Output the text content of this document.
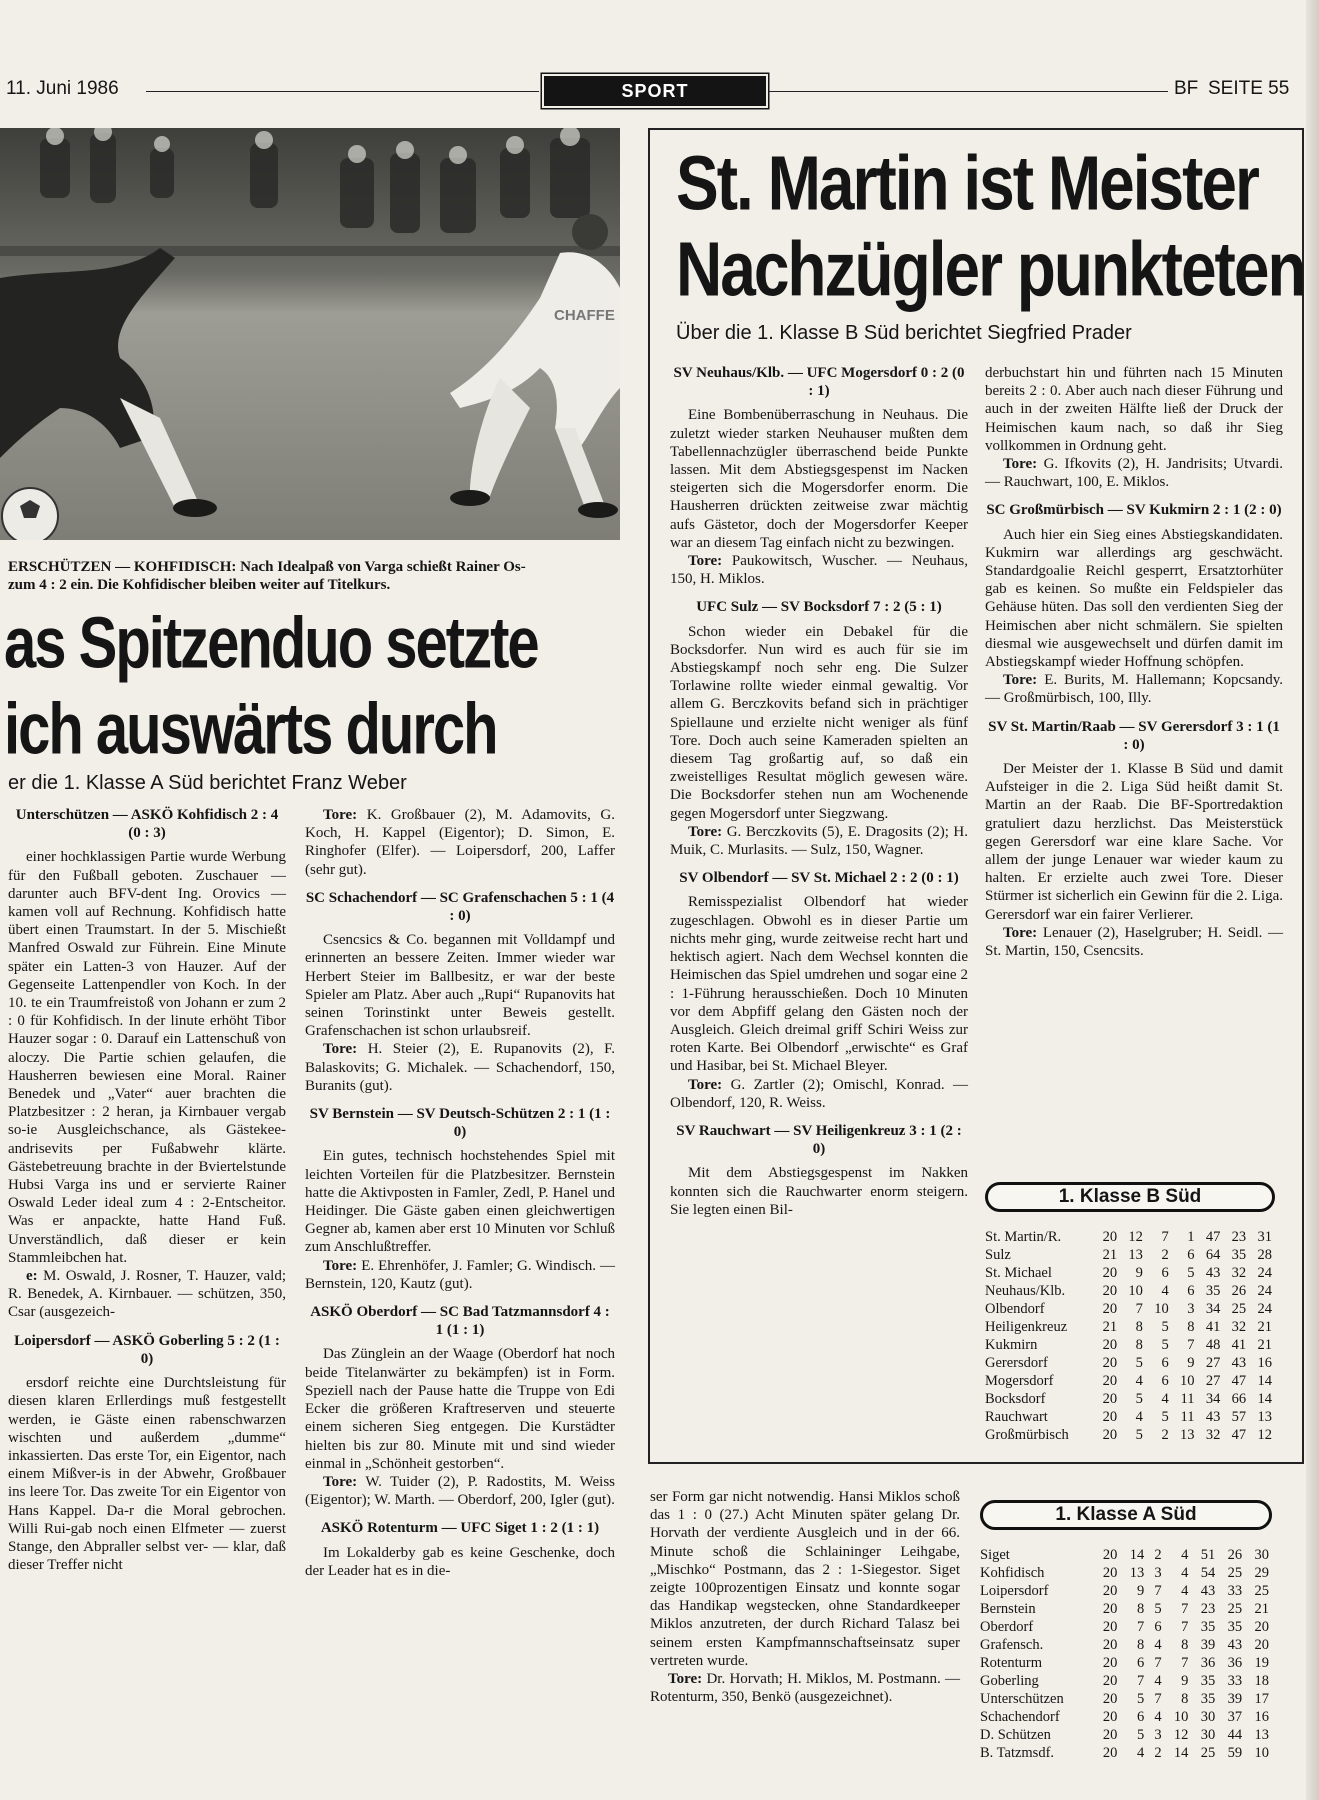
11. Juni 1986	SPORT	BF SEITE 55
CHAFFE
ERSCHÜTZEN — KOHFIDISCH: Nach Idealpaß von Varga schießt Rainer Os-
zum 4 : 2 ein. Die Kohfidischer bleiben weiter auf Titelkurs.
as Spitzenduo setzte
ich auswärts durch
er die 1. Klasse A Süd berichtet Franz Weber
Unterschützen — ASKÖ Kohfidisch 2 : 4 (0 : 3)

einer hochklassigen Partie wurde Werbung für den Fußball geboten. Zuschauer — darunter auch BFV-dent Ing. Orovics — kamen voll auf Rechnung. Kohfidisch hatte übert einen Traumstart. In der 5. Mischießt Manfred Oswald zur Führein. Eine Minute später ein Latten-3 von Hauzer. Auf der Gegenseite Lattenpendler von Koch. In der 10. te ein Traumfreistoß von Johann er zum 2 : 0 für Kohfidisch. In der linute erhöht Tibor Hauzer sogar : 0. Darauf ein Lattenschuß von aloczy. Die Partie schien gelaufen, die Hausherren bewiesen eine Moral. Rainer Benedek und „Vater“ auer brachten die Platzbesitzer : 2 heran, ja Kirnbauer vergab so-ie Ausgleichschance, als Gästekee-andrisevits per Fußabwehr klärte. Gästebetreuung brachte in der Bviertelstunde Hubsi Varga ins und er servierte Rainer Oswald Leder ideal zum 4 : 2-Entscheitor. Was er anpackte, hatte Hand Fuß. Unverständlich, daß dieser er kein Stammleibchen hat.

e: M. Oswald, J. Rosner, T. Hauzer, vald; R. Benedek, A. Kirnbauer. — schützen, 350, Csar (ausgezeich-

Loipersdorf — ASKÖ Goberling 5 : 2 (1 : 0)

ersdorf reichte eine Durchtsleistung für diesen klaren Erllerdings muß festgestellt werden, ie Gäste einen rabenschwarzen wischten und außerdem „dumme“ inkassierten. Das erste Tor, ein Eigentor, nach einem Mißver-is in der Abwehr, Großbauer ins leere Tor. Das zweite Tor ein Eigentor von Hans Kappel. Da-r die Moral gebrochen. Willi Rui-gab noch einen Elfmeter — zuerst Stange, den Abpraller selbst ver- — klar, daß dieser Treffer nicht

Tore: K. Großbauer (2), M. Adamovits, G. Koch, H. Kappel (Eigentor); D. Simon, E. Ringhofer (Elfer). — Loipersdorf, 200, Laffer (sehr gut).

SC Schachendorf — SC Grafenschachen 5 : 1 (4 : 0)

Csencsics & Co. begannen mit Volldampf und erinnerten an bessere Zeiten. Immer wieder war Herbert Steier im Ballbesitz, er war der beste Spieler am Platz. Aber auch „Rupi“ Rupanovits hat seinen Torinstinkt unter Beweis gestellt. Grafenschachen ist schon urlaubsreif.

Tore: H. Steier (2), E. Rupanovits (2), F. Balaskovits; G. Michalek. — Schachendorf, 150, Buranits (gut).

SV Bernstein — SV Deutsch-Schützen 2 : 1 (1 : 0)

Ein gutes, technisch hochstehendes Spiel mit leichten Vorteilen für die Platzbesitzer. Bernstein hatte die Aktivposten in Famler, Zedl, P. Hanel und Heidinger. Die Gäste gaben einen gleichwertigen Gegner ab, kamen aber erst 10 Minuten vor Schluß zum Anschlußtreffer.

Tore: E. Ehrenhöfer, J. Famler; G. Windisch. — Bernstein, 120, Kautz (gut).

ASKÖ Oberdorf — SC Bad Tatzmannsdorf 4 : 1 (1 : 1)

Das Zünglein an der Waage (Oberdorf hat noch beide Titelanwärter zu bekämpfen) ist in Form. Speziell nach der Pause hatte die Truppe von Edi Ecker die größeren Kraftreserven und steuerte einem sicheren Sieg entgegen. Die Kurstädter hielten bis zur 80. Minute mit und sind wieder einmal in „Schönheit gestorben“.

Tore: W. Tuider (2), P. Radostits, M. Weiss (Eigentor); W. Marth. — Oberdorf, 200, Igler (gut).

ASKÖ Rotenturm — UFC Siget 1 : 2 (1 : 1)

Im Lokalderby gab es keine Geschenke, doch der Leader hat es in die-

St. Martin ist Meister
Nachzügler punkteten
Über die 1. Klasse B Süd berichtet Siegfried Prader
SV Neuhaus/Klb. — UFC Mogersdorf 0 : 2 (0 : 1)

Eine Bombenüberraschung in Neuhaus. Die zuletzt wieder starken Neuhauser mußten dem Tabellennachzügler überraschend beide Punkte lassen. Mit dem Abstiegsgespenst im Nacken steigerten sich die Mogersdorfer enorm. Die Hausherren drückten zeitweise zwar mächtig aufs Gästetor, doch der Mogersdorfer Keeper war an diesem Tag einfach nicht zu bezwingen.

Tore: Paukowitsch, Wuscher. — Neuhaus, 150, H. Miklos.

UFC Sulz — SV Bocksdorf 7 : 2 (5 : 1)

Schon wieder ein Debakel für die Bocksdorfer. Nun wird es auch für sie im Abstiegskampf noch sehr eng. Die Sulzer Torlawine rollte wieder einmal gewaltig. Vor allem G. Berczkovits befand sich in prächtiger Spiellaune und erzielte nicht weniger als fünf Tore. Doch auch seine Kameraden spielten an diesem Tag großartig auf, so daß ein zweistelliges Resultat möglich gewesen wäre. Die Bocksdorfer stehen nun am Wochenende gegen Mogersdorf unter Siegzwang.

Tore: G. Berczkovits (5), E. Dragosits (2); H. Muik, C. Murlasits. — Sulz, 150, Wagner.

SV Olbendorf — SV St. Michael 2 : 2 (0 : 1)

Remisspezialist Olbendorf hat wieder zugeschlagen. Obwohl es in dieser Partie um nichts mehr ging, wurde zeitweise recht hart und hektisch agiert. Nach dem Wechsel konnten die Heimischen das Spiel umdrehen und sogar eine 2 : 1-Führung herausschießen. Doch 10 Minuten vor dem Abpfiff gelang den Gästen noch der Ausgleich. Gleich dreimal griff Schiri Weiss zur roten Karte. Bei Olbendorf „erwischte“ es Graf und Hasibar, bei St. Michael Bleyer.

Tore: G. Zartler (2); Omischl, Konrad. — Olbendorf, 120, R. Weiss.

SV Rauchwart — SV Heiligenkreuz 3 : 1 (2 : 0)

Mit dem Abstiegsgespenst im Nakken konnten sich die Rauchwarter enorm steigern. Sie legten einen Bil-

derbuchstart hin und führten nach 15 Minuten bereits 2 : 0. Aber auch nach dieser Führung und auch in der zweiten Hälfte ließ der Druck der Heimischen kaum nach, so daß ihr Sieg vollkommen in Ordnung geht.

Tore: G. Ifkovits (2), H. Jandrisits; Utvardi. — Rauchwart, 100, E. Miklos.

SC Großmürbisch — SV Kukmirn 2 : 1 (2 : 0)

Auch hier ein Sieg eines Abstiegskandidaten. Kukmirn war allerdings arg geschwächt. Standardgoalie Reichl gesperrt, Ersatztorhüter gab es keinen. So mußte ein Feldspieler das Gehäuse hüten. Das soll den verdienten Sieg der Heimischen aber nicht schmälern. Sie spielten diesmal wie ausgewechselt und dürfen damit im Abstiegskampf wieder Hoffnung schöpfen.

Tore: E. Burits, M. Hallemann; Kopcsandy. — Großmürbisch, 100, Illy.

SV St. Martin/Raab — SV Gerersdorf 3 : 1 (1 : 0)

Der Meister der 1. Klasse B Süd und damit Aufsteiger in die 2. Liga Süd heißt damit St. Martin an der Raab. Die BF-Sportredaktion gratuliert dazu herzlichst. Das Meisterstück gegen Gerersdorf war eine klare Sache. Vor allem der junge Lenauer war wieder kaum zu halten. Er erzielte auch zwei Tore. Dieser Stürmer ist sicherlich ein Gewinn für die 2. Liga. Gerersdorf war ein fairer Verlierer.

Tore: Lenauer (2), Haselgruber; H. Seidl. — St. Martin, 150, Csencsits.

1. Klasse B Süd
St. Martin/R.	20	12	7	1	47	23	31
Sulz	21	13	2	6	64	35	28
St. Michael	20	9	6	5	43	32	24
Neuhaus/Klb.	20	10	4	6	35	26	24
Olbendorf	20	7	10	3	34	25	24
Heiligenkreuz	21	8	5	8	41	32	21
Kukmirn	20	8	5	7	48	41	21
Gerersdorf	20	5	6	9	27	43	16
Mogersdorf	20	4	6	10	27	47	14
Bocksdorf	20	5	4	11	34	66	14
Rauchwart	20	4	5	11	43	57	13
Großmürbisch	20	5	2	13	32	47	12

ser Form gar nicht notwendig. Hansi Miklos schoß das 1 : 0 (27.) Acht Minuten später gelang Dr. Horvath der verdiente Ausgleich und in der 66. Minute schoß die Schlaininger Leihgabe, „Mischko“ Postmann, das 2 : 1-Siegestor. Siget zeigte 100prozentigen Einsatz und konnte sogar das Handikap wegstecken, ohne Standardkeeper Miklos anzutreten, der durch Richard Talasz bei seinem ersten Kampfmannschaftseinsatz super vertreten wurde.

Tore: Dr. Horvath; H. Miklos, M. Postmann. — Rotenturm, 350, Benkö (ausgezeichnet).

1. Klasse A Süd
Siget	20	14	2	4	51	26	30
Kohfidisch	20	13	3	4	54	25	29
Loipersdorf	20	9	7	4	43	33	25
Bernstein	20	8	5	7	23	25	21
Oberdorf	20	7	6	7	35	35	20
Grafensch.	20	8	4	8	39	43	20
Rotenturm	20	6	7	7	36	36	19
Goberling	20	7	4	9	35	33	18
Unterschützen	20	5	7	8	35	39	17
Schachendorf	20	6	4	10	30	37	16
D. Schützen	20	5	3	12	30	44	13
B. Tatzmsdf.	20	4	2	14	25	59	10
